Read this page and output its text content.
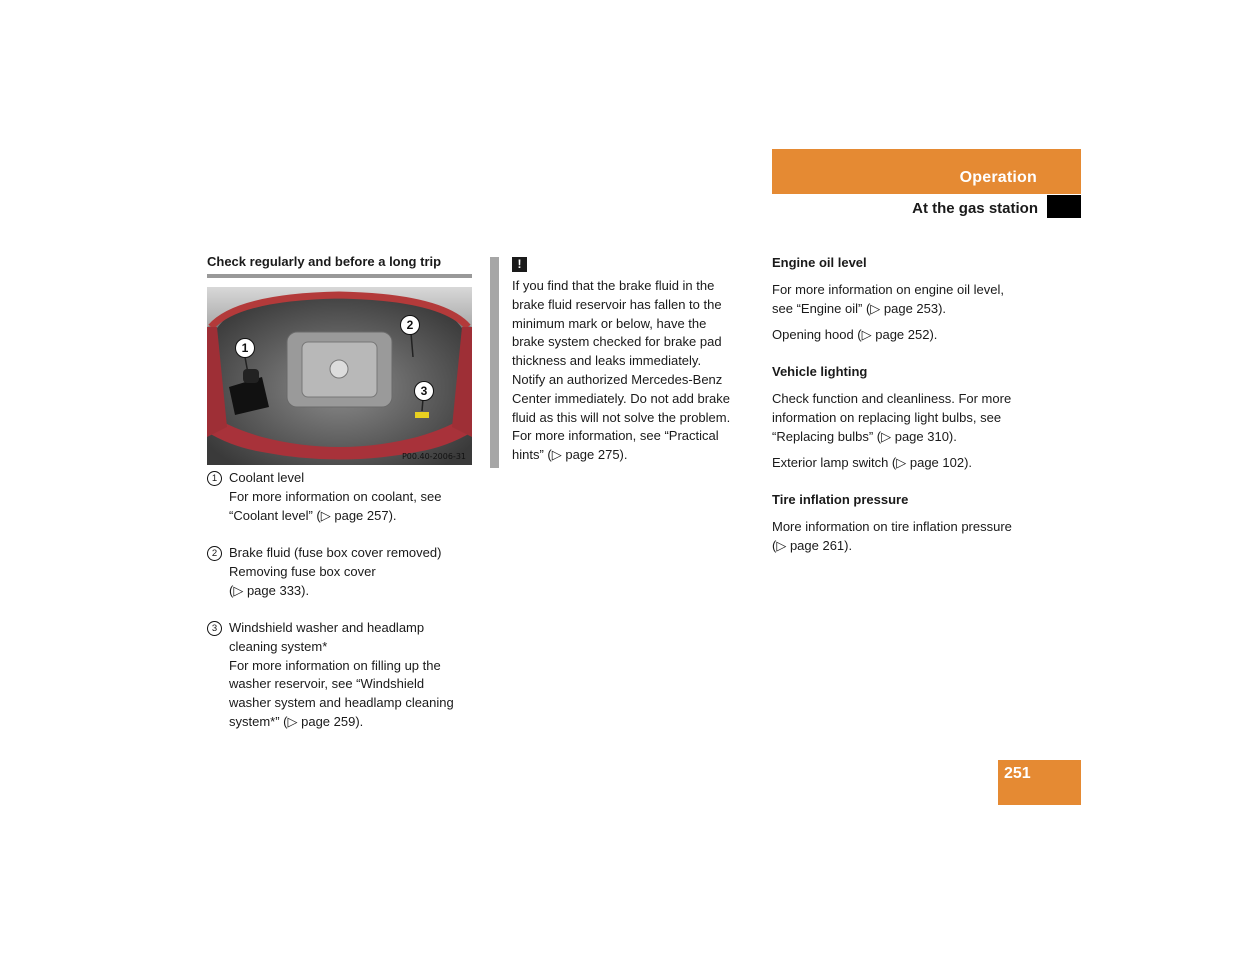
Operation
At the gas station
Check regularly and before a long trip
1
2
3
P00.40-2006-31
1 Coolant level
For more information on coolant, see
“Coolant level” (▷ page 257).
2 Brake fluid (fuse box cover removed)
Removing fuse box cover
(▷ page 333).
3 Windshield washer and headlamp
cleaning system*
For more information on filling up the
washer reservoir, see “Windshield
washer system and headlamp cleaning
system*” (▷ page 259).
!
If you find that the brake fluid in the
brake fluid reservoir has fallen to the
minimum mark or below, have the
brake system checked for brake pad
thickness and leaks immediately.
Notify an authorized Mercedes-Benz
Center immediately. Do not add brake
fluid as this will not solve the problem.
For more information, see “Practical
hints” (▷ page 275).
Engine oil level

For more information on engine oil level,
see “Engine oil” (▷ page 253).

Opening hood (▷ page 252).

Vehicle lighting

Check function and cleanliness. For more
information on replacing light bulbs, see
“Replacing bulbs” (▷ page 310).

Exterior lamp switch (▷ page 102).

Tire inflation pressure

More information on tire inflation pressure
(▷ page 261).

251
